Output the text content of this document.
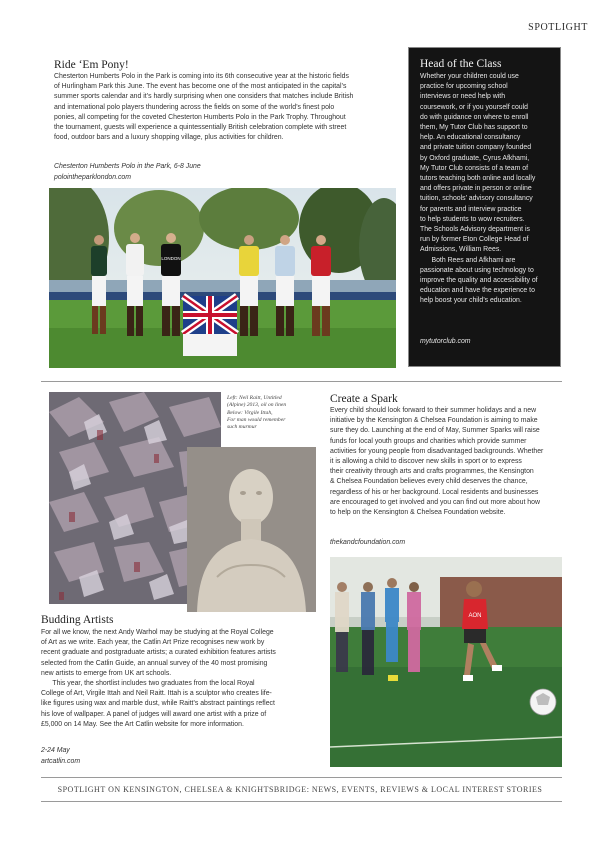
SPOTLIGHT
Ride ‘Em Pony!
Chesterton Humberts Polo in the Park is coming into its 6th consecutive year at the historic fields
of Hurlingham Park this June. The event has become one of the most anticipated in the capital’s
summer sports calendar and it’s hardly surprising when one considers that matches include British
and international polo players thundering across the fields on some of the world’s finest polo
ponies, all competing for the coveted Chesterton Humberts Polo in the Park Trophy. Throughout
the tournament, guests will experience a quintessentially British celebration complete with street
food, outdoor bars and a luxury shopping village, plus activities for children.
Chesterton Humberts Polo in the Park, 6-8 June
polointheparklondon.com
LONDON
Head of the Class
Whether your children could use
practice for upcoming school
interviews or need help with
coursework, or if you yourself could
do with guidance on where to enroll
them, My Tutor Club has support to
help. An educational consultancy
and private tuition company founded
by Oxford graduate, Cyrus Afkhami,
My Tutor Club consists of a team of
tutors teaching both online and locally
and offers private in person or online
tuition, schools’ advisory consultancy
for parents and interview practice
to help students to wow recruiters.
The Schools Advisory department is
run by former Eton College Head of
Admissions, William Rees.
Both Rees and Afkhami are
passionate about using technology to
improve the quality and accessibility of
education and have the experience to
help boost your child’s education.
mytutorclub.com
Left: Neil Raitt, Untitled
(Alpine) 2013, oil on linen
Below: Virgile Ittah,
For man would remember
such murmur
Budding Artists
For all we know, the next Andy Warhol may be studying at the Royal College
of Art as we write. Each year, the Catlin Art Prize recognises new work by
recent graduate and postgraduate artists; a curated exhibition features artists
selected from the Catlin Guide, an annual survey of the 40 most promising
new artists to emerge from UK art schools.
This year, the shortlist includes two graduates from the local Royal
College of Art, Virgile Ittah and Neil Raitt. Ittah is a sculptor who creates life-
like figures using wax and marble dust, while Raitt’s abstract paintings reflect
his love of wallpaper. A panel of judges will award one artist with a prize of
£5,000 on 14 May. See the Art Catlin website for more information.
2-24 May
artcatlin.com
Create a Spark
Every child should look forward to their summer holidays and a new
initiative by the Kensington & Chelsea Foundation is aiming to make
sure they do. Launching at the end of May, Summer Sparks will raise
funds for local youth groups and charities which provide summer
activities for young people from disadvantaged backgrounds. Whether
it is allowing a child to discover new skills in sport or to express
their creativity through arts and crafts programmes, the Kensington
& Chelsea Foundation believes every child deserves the chance,
regardless of his or her background. Local residents and businesses
are encouraged to get involved and you can find out more about how
to help on the Kensington & Chelsea Foundation website.
thekandcfoundation.com
AON
SPOTLIGHT ON KENSINGTON, CHELSEA & KNIGHTSBRIDGE: NEWS, EVENTS, REVIEWS & LOCAL INTEREST STORIES
